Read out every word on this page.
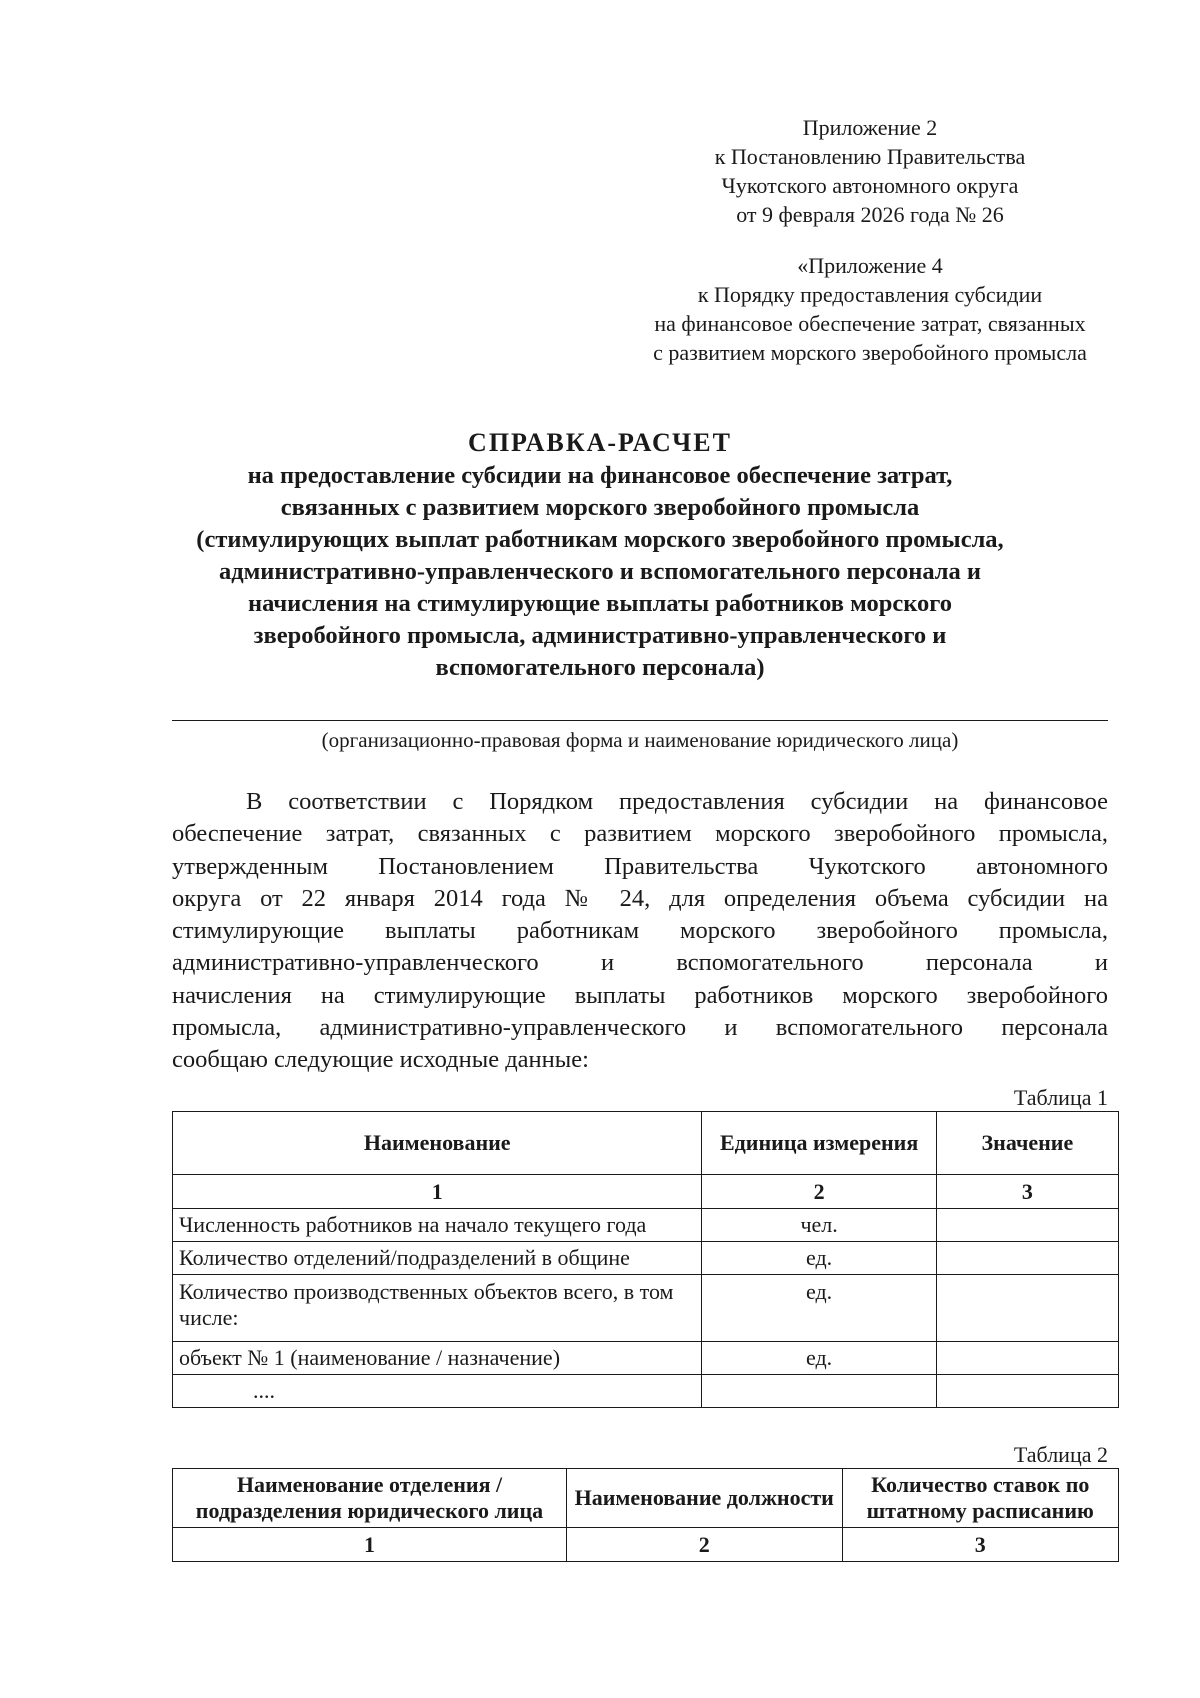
Приложение 2
к Постановлению Правительства
Чукотского автономного округа
от 9 февраля 2026 года № 26
«Приложение 4
к Порядку предоставления субсидии
на финансовое обеспечение затрат, связанных
с развитием морского зверобойного промысла
СПРАВКА-РАСЧЕТ
на предоставление субсидии на финансовое обеспечение затрат,
связанных с развитием морского зверобойного промысла
(стимулирующих выплат работникам морского зверобойного промысла,
административно-управленческого и вспомогательного персонала и
начисления на стимулирующие выплаты работников морского
зверобойного промысла, административно-управленческого и
вспомогательного персонала)
(организационно-правовая форма и наименование юридического лица)
В соответствии с Порядком предоставления субсидии на финансовое
обеспечение затрат, связанных с развитием морского зверобойного промысла,
утвержденным Постановлением Правительства Чукотского автономного
округа от 22 января 2014 года № 24, для определения объема субсидии на
стимулирующие выплаты работникам морского зверобойного промысла,
административно-управленческого и вспомогательного персонала и
начисления на стимулирующие выплаты работников морского зверобойного
промысла, административно-управленческого и вспомогательного персонала
сообщаю следующие исходные данные:
Таблица 1
Наименование	Единица измерения	Значение
1	2	3
Численность работников на начало текущего года	чел.	
Количество отделений/подразделений в общине	ед.	
Количество производственных объектов всего, в том числе:	ед.	
объект № 1 (наименование / назначение)	ед.	
....		
Таблица 2
Наименование отделения / подразделения юридического лица	Наименование должности	Количество ставок по штатному расписанию
1	2	3
